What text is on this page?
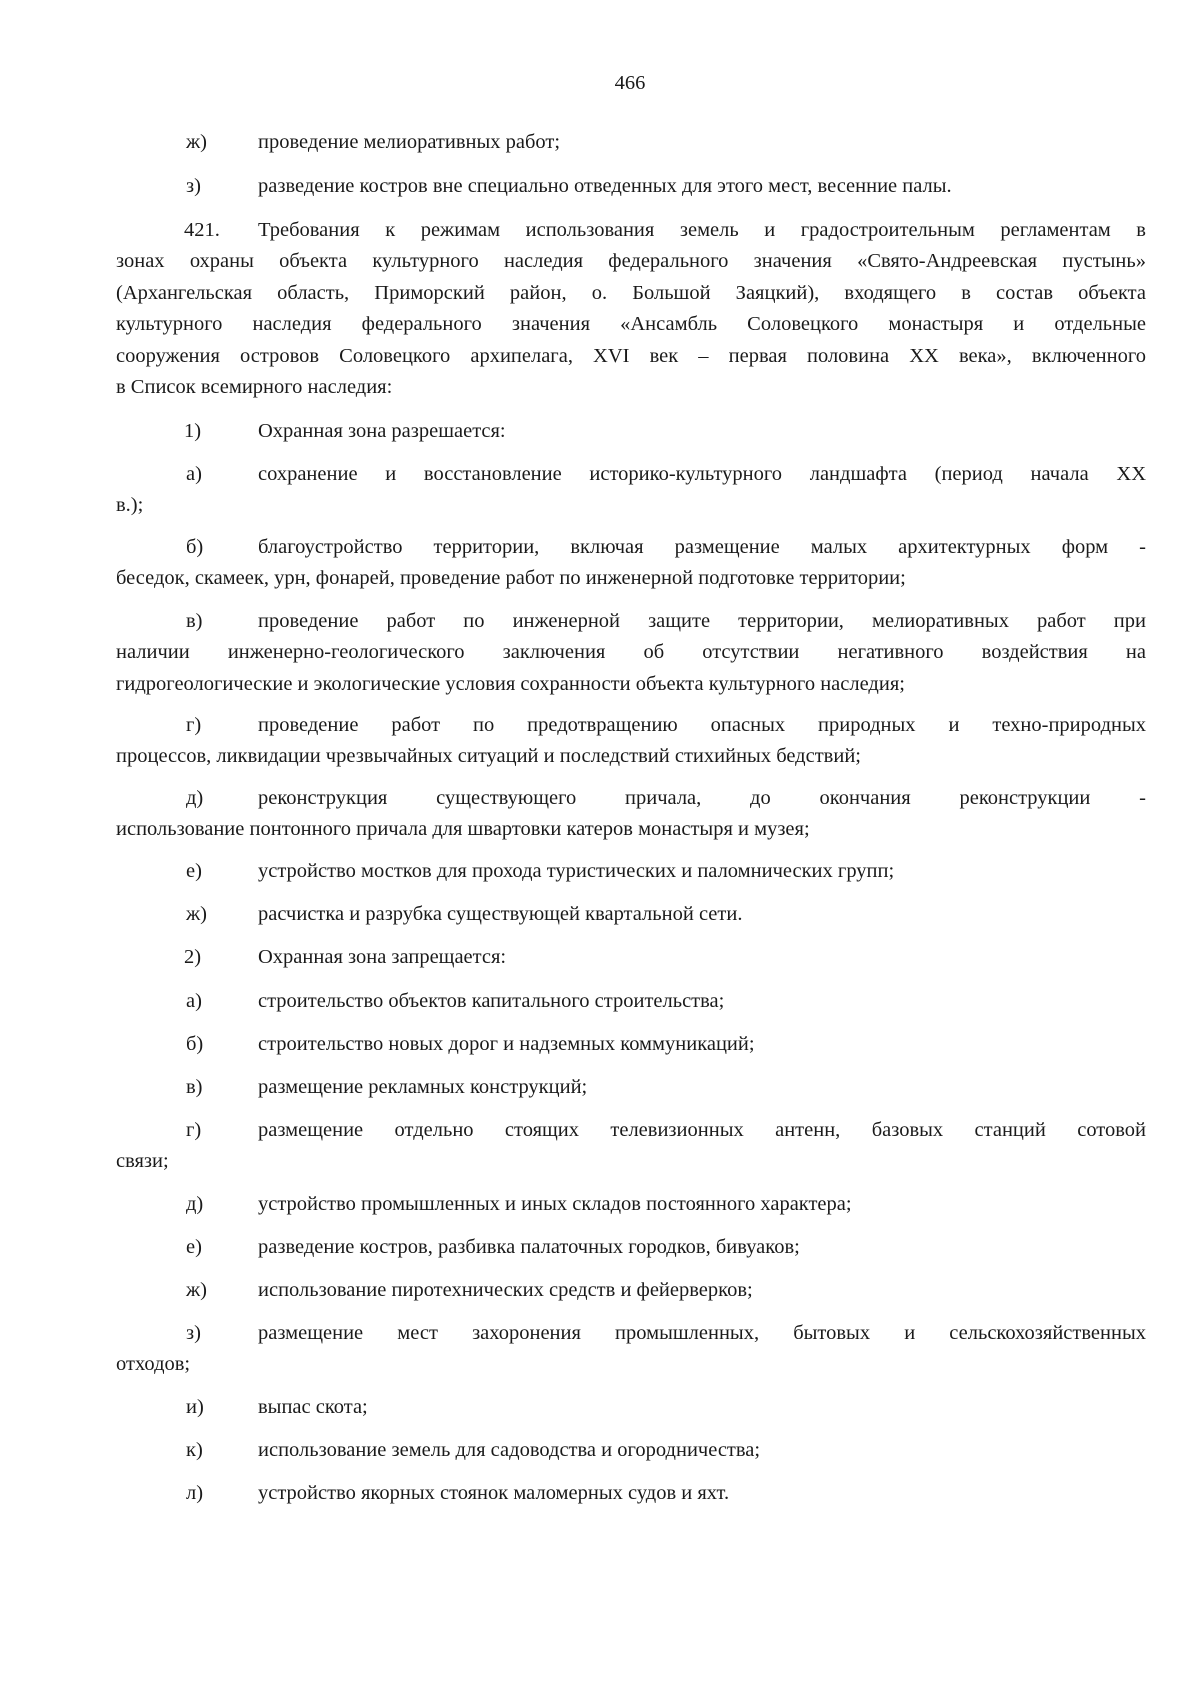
466
ж) проведение мелиоративных работ;
з)	разведение костров вне специально отведенных для этого мест, весенние палы.
421. Требования к режимам использования земель и градостроительным регламентам в
зонах охраны объекта культурного наследия федерального значения «Свято-Андреевская пустынь»
(Архангельская область, Приморский район, о. Большой Заяцкий), входящего в состав объекта
культурного наследия федерального значения «Ансамбль Соловецкого монастыря и отдельные
сооружения островов Соловецкого архипелага, XVI век – первая половина XX века», включенного
в Список всемирного наследия:
1)	Охранная зона разрешается:
а)	сохранение и восстановление историко-культурного ландшафта (период начала XX
в.);
б)	благоустройство территории, включая размещение малых архитектурных форм -
беседок, скамеек, урн, фонарей, проведение работ по инженерной подготовке территории;
в)	проведение работ по инженерной защите территории, мелиоративных работ при
наличии инженерно-геологического заключения об отсутствии негативного воздействия на
гидрогеологические и экологические условия сохранности объекта культурного наследия;
г)	проведение работ по предотвращению опасных природных и техно-природных
процессов, ликвидации чрезвычайных ситуаций и последствий стихийных бедствий;
д)	реконструкция существующего причала, до окончания реконструкции -
использование понтонного причала для швартовки катеров монастыря и музея;
е)	устройство мостков для прохода туристических и паломнических групп;
ж) расчистка и разрубка существующей квартальной сети.
2)	Охранная зона запрещается:
а)	строительство объектов капитального строительства;
б)	строительство новых дорог и надземных коммуникаций;
в)	размещение рекламных конструкций;
г)	размещение отдельно стоящих телевизионных антенн, базовых станций сотовой
связи;
д)	устройство промышленных и иных складов постоянного характера;
е)	разведение костров, разбивка палаточных городков, бивуаков;
ж) использование пиротехнических средств и фейерверков;
з)	размещение мест захоронения промышленных, бытовых и сельскохозяйственных
отходов;
и)	выпас скота;
к)	использование земель для садоводства и огородничества;
л)	устройство якорных стоянок маломерных судов и яхт.
